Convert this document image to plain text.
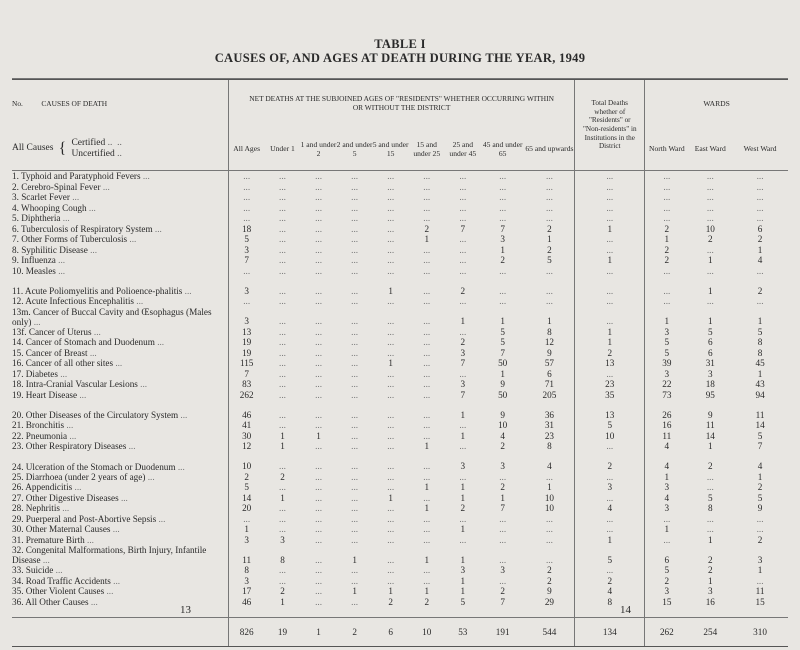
TABLE I
CAUSES OF, AND AGES AT DEATH DURING THE YEAR, 1949

No. CAUSES OF DEATH	NET DEATHS AT THE SUBJOINED AGES OF "RESIDENTS" WHETHER OCCURRING WITHIN OR WITHOUT THE DISTRICT									Total Deaths whether of "Residents" or "Non-residents" in Institutions in the District	WARDS		
All Causes { Certified ..  ..
Uncertified ..	All Ages	Under 1	1 and under 2	2 and under 5	5 and under 15	15 and under 25	25 and under 45	45 and under 65	65 and upwards		North Ward	East Ward	West Ward
1. Typhoid and Paratyphoid Fevers ...	...	...	...	...	...	...	...	...	...	...	...	...	...
2. Cerebro-Spinal Fever ...	...	...	...	...	...	...	...	...	...	...	...	...	...
3. Scarlet Fever ...	...	...	...	...	...	...	...	...	...	...	...	...	...
4. Whooping Cough ...	...	...	...	...	...	...	...	...	...	...	...	...	...
5. Diphtheria ...	...	...	...	...	...	...	...	...	...	...	...	...	...
6. Tuberculosis of Respiratory System ...	18	...	...	...	...	2	7	7	2	1	2	10	6
7. Other Forms of Tuberculosis ...	5	...	...	...	...	1	...	3	1	...	1	2	2
8. Syphilitic Disease ...	3	...	...	...	...	...	...	1	2	...	2	...	1
9. Influenza ...	7	...	...	...	...	...	...	2	5	1	2	1	4
10. Measles ...	...	...	...	...	...	...	...	...	...	...	...	...	...
11. Acute Poliomyelitis and Polioence-phalitis ...	3	...	...	...	1	...	2	...	...	...	...	1	2
12. Acute Infectious Encephalitis ...	...	...	...	...	...	...	...	...	...	...	...	...	...
13m. Cancer of Buccal Cavity and Œsophagus (Males only) ...	3	...	...	...	...	...	1	1	1	...	1	1	1
13f. Cancer of Uterus ...	13	...	...	...	...	...	...	5	8	1	3	5	5
14. Cancer of Stomach and Duodenum ...	19	...	...	...	...	...	2	5	12	1	5	6	8
15. Cancer of Breast ...	19	...	...	...	...	...	3	7	9	2	5	6	8
16. Cancer of all other sites ...	115	...	...	...	1	...	7	50	57	13	39	31	45
17. Diabetes ...	7	...	...	...	...	...	...	1	6	...	3	3	1
18. Intra-Cranial Vascular Lesions ...	83	...	...	...	...	...	3	9	71	23	22	18	43
19. Heart Disease ...	262	...	...	...	...	...	7	50	205	35	73	95	94
20. Other Diseases of the Circulatory System ...	46	...	...	...	...	...	1	9	36	13	26	9	11
21. Bronchitis ...	41	...	...	...	...	...	...	10	31	5	16	11	14
22. Pneumonia ...	30	1	1	...	...	...	1	4	23	10	11	14	5
23. Other Respiratory Diseases ...	12	1	...	...	...	1	...	2	8	...	4	1	7
24. Ulceration of the Stomach or Duodenum ...	10	...	...	...	...	...	3	3	4	2	4	2	4
25. Diarrhoea (under 2 years of age) ...	2	2	...	...	...	...	...	...	...	...	1	...	1
26. Appendicitis ...	5	...	...	...	...	1	1	2	1	3	3	...	2
27. Other Digestive Diseases ...	14	1	...	...	1	...	1	1	10	...	4	5	5
28. Nephritis ...	20	...	...	...	...	1	2	7	10	4	3	8	9
29. Puerperal and Post-Abortive Sepsis ...	...	...	...	...	...	...	...	...	...	...	...	...	...
30. Other Maternal Causes ...	1	...	...	...	...	...	1	...	...	...	1	...	...
31. Premature Birth ...	3	3	...	...	...	...	...	...	...	1	...	1	2
32. Congenital Malformations, Birth Injury, Infantile Disease ...	11	8	...	1	...	1	1	...	...	5	6	2	3
33. Suicide ...	8	...	...	...	...	...	3	3	2	...	5	2	1
34. Road Traffic Accidents ...	3	...	...	...	...	...	1	...	2	2	2	1	...
35. Other Violent Causes ...	17	2	...	1	1	1	1	2	9	4	3	3	11
36. All Other Causes ...	46	1	...	...	2	2	5	7	29	8	15	16	15

	826	19	1	2	6	10	53	191	544	134	262	254	310
13	14
